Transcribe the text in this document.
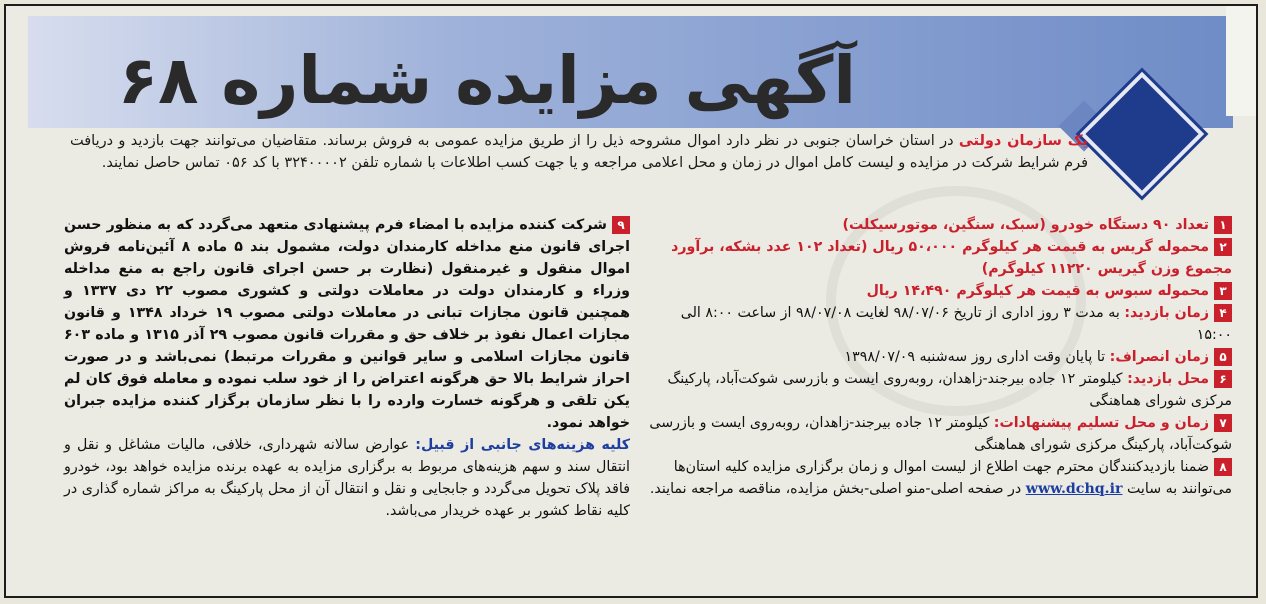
آگهی مزایده شماره ۶۸
یک سازمان دولتی در استان خراسان جنوبی در نظر دارد اموال مشروحه ذیل را از طریق مزایده عمومی به فروش برساند. متقاضیان می‌توانند جهت بازدید و دریافت فرم شرایط شرکت در مزایده و لیست کامل اموال در زمان و محل اعلامی مراجعه و یا جهت کسب اطلاعات با شماره تلفن ۳۲۴۰۰۰۰۲ با کد ۰۵۶ تماس حاصل نمایند.
۱تعداد ۹۰ دستگاه خودرو (سبک، سنگین، موتورسیکلت)
۲محموله گریس به قیمت هر کیلوگرم ۵۰،۰۰۰ ریال (تعداد ۱۰۲ عدد بشکه، برآورد مجموع وزن گیریس ۱۱۲۲۰ کیلوگرم)
۳محموله سبوس به قیمت هر کیلوگرم ۱۴،۴۹۰ ریال
۴زمان بازدید: به مدت ۳ روز اداری از تاریخ ۹۸/۰۷/۰۶ لغایت ۹۸/۰۷/۰۸ از ساعت ۸:۰۰ الی ۱۵:۰۰
۵زمان انصراف: تا پایان وقت اداری روز سه‌شنبه ۱۳۹۸/۰۷/۰۹
۶محل بازدید: کیلومتر ۱۲ جاده بیرجند-زاهدان، روبه‌روی ایست و بازرسی شوکت‌آباد، پارکینگ مرکزی شورای هماهنگی
۷زمان و محل تسلیم پیشنهادات: کیلومتر ۱۲ جاده بیرجند-زاهدان، روبه‌روی ایست و بازرسی شوکت‌آباد، پارکینگ مرکزی شورای هماهنگی
۸ضمنا بازدیدکنندگان محترم جهت اطلاع از لیست اموال و زمان برگزاری مزایده کلیه استان‌ها می‌توانند به سایت www.dchq.ir در صفحه اصلی-منو اصلی-بخش مزایده، مناقصه مراجعه نمایند.
۹شرکت کننده مزایده با امضاء فرم پیشنهادی متعهد می‌گردد که به منظور حسن اجرای قانون منع مداخله کارمندان دولت، مشمول بند ۵ ماده ۸ آئین‌نامه فروش اموال منقول و غیرمنقول (نظارت بر حسن اجرای قانون راجع به منع مداخله وزراء و کارمندان دولت در معاملات دولتی و کشوری مصوب ۲۲ دی ۱۳۳۷ و همچنین قانون مجازات تبانی در معاملات دولتی مصوب ۱۹ خرداد ۱۳۴۸ و قانون مجازات اعمال نفوذ بر خلاف حق و مقررات قانون مصوب ۲۹ آذر ۱۳۱۵ و ماده ۶۰۳ قانون مجازات اسلامی و سایر قوانین و مقررات مرتبط) نمی‌باشد و در صورت احراز شرایط بالا حق هرگونه اعتراض را از خود سلب نموده و معامله فوق کان لم یکن تلقی و هرگونه خسارت وارده را با نظر سازمان برگزار کننده مزایده جبران خواهد نمود.
کلیه هزینه‌های جانبی از قبیل: عوارض سالانه شهرداری، خلافی، مالیات مشاغل و نقل و انتقال سند و سهم هزینه‌های مربوط به برگزاری مزایده به عهده برنده مزایده خواهد بود، خودرو فاقد پلاک تحویل می‌گردد و جابجایی و نقل و انتقال آن از محل پارکینگ به مراکز شماره گذاری در کلیه نقاط کشور بر عهده خریدار می‌باشد.
